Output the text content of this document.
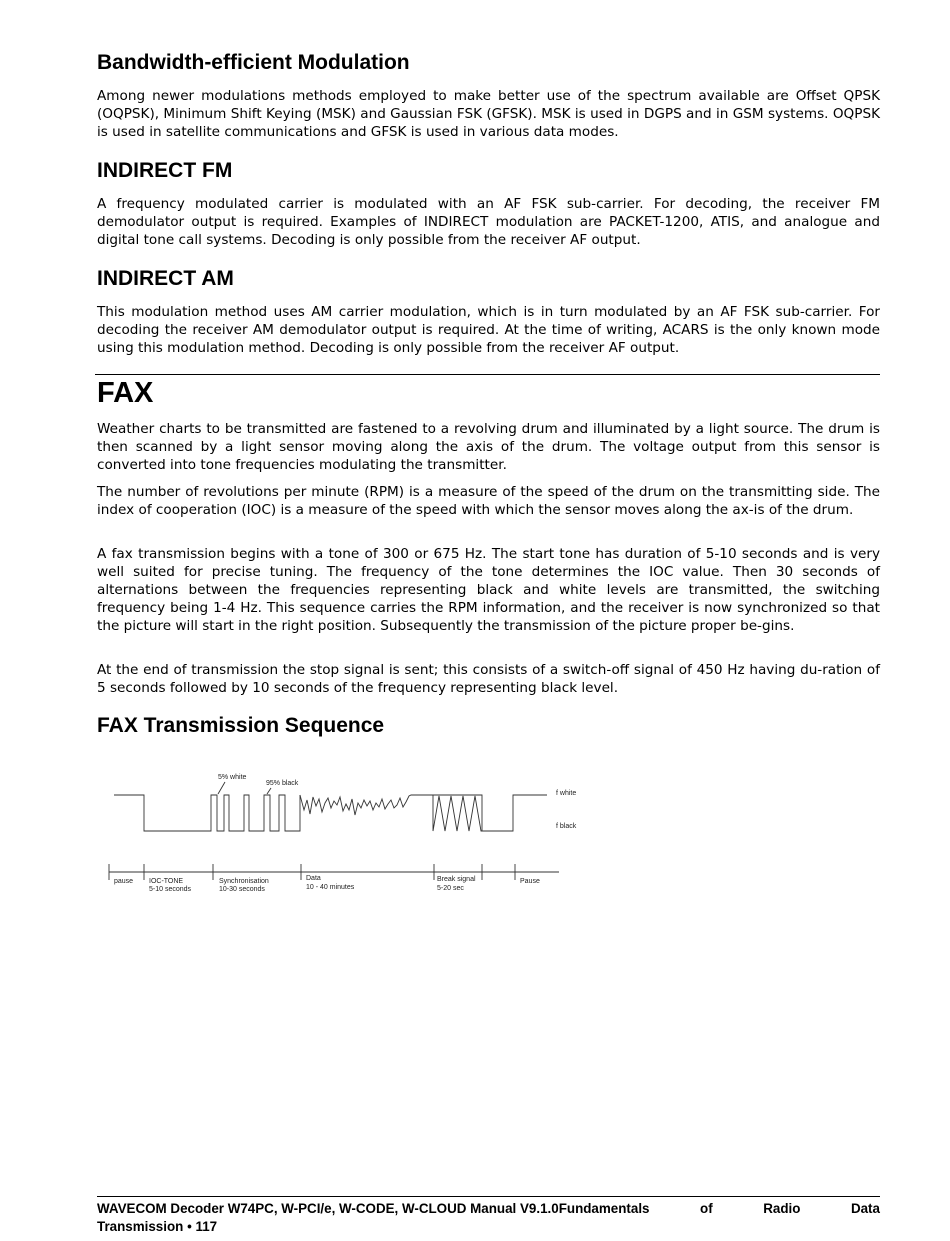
Bandwidth-efficient Modulation

Among newer modulations methods employed to make better use of the spectrum available are Offset QPSK (OQPSK), Minimum Shift Keying (MSK) and Gaussian FSK (GFSK). MSK is used in DGPS and in GSM systems. OQPSK is used in satellite communications and GFSK is used in various data modes.

INDIRECT FM

A frequency modulated carrier is modulated with an AF FSK sub-carrier. For decoding, the receiver FM demodulator output is required. Examples of INDIRECT modulation are PACKET-1200, ATIS, and analogue and digital tone call systems. Decoding is only possible from the receiver AF output.

INDIRECT AM

This modulation method uses AM carrier modulation, which is in turn modulated by an AF FSK sub-carrier. For decoding the receiver AM demodulator output is required. At the time of writing, ACARS is the only known mode using this modulation method. Decoding is only possible from the receiver AF output.

FAX

Weather charts to be transmitted are fastened to a revolving drum and illuminated by a light source. The drum is then scanned by a light sensor moving along the axis of the drum. The voltage output from this sensor is converted into tone frequencies modulating the transmitter.

The number of revolutions per minute (RPM) is a measure of the speed of the drum on the transmitting side. The index of cooperation (IOC) is a measure of the speed with which the sensor moves along the ax-is of the drum.

A fax transmission begins with a tone of 300 or 675 Hz. The start tone has duration of 5-10 seconds and is very well suited for precise tuning. The frequency of the tone determines the IOC value. Then 30 seconds of alternations between the frequencies representing black and white levels are transmitted, the switching frequency being 1-4 Hz. This sequence carries the RPM information, and the receiver is now synchronized so that the picture will start in the right position. Subsequently the transmission of the picture proper be-gins.

At the end of transmission the stop signal is sent; this consists of a switch-off signal of 450 Hz having du-ration of 5 seconds followed by 10 seconds of the frequency representing black level.

FAX Transmission Sequence
5% white
95% black
f white
f black
pause IOC-TONE
5-10 seconds
Synchronisation
10-30 seconds
Data
10 - 40 minutes
Break signal
5-20 sec
Pause
WAVECOM Decoder W74PC, W-PCI/e, W-CODE, W-CLOUD Manual V9.1.0Fundamentals	of	Radio	Data
Transmission • 117
